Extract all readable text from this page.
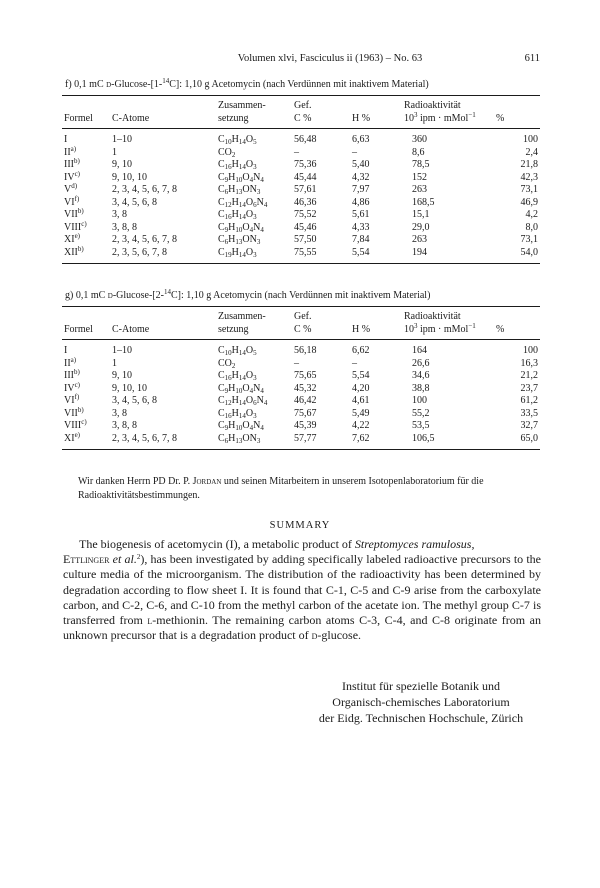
Volumen xlvi, Fasciculus ii (1963) – No. 63	611
f) 0,1 mC d-Glucose-[1-$^{14}$C]: 1,10 g Acetomycin (nach Verdünnen mit inaktivem Material)
		Zusammen-	Gef.		Radioaktivität	
Formel	C-Atome	setzung	C %	H %	$10^3$ ipm · mMol$^{-1}$	%
I	1–10	$C_{10}H_{14}O_5$	56,48	6,63	360	100
II$^{a)}$	1	$CO_2$	–	–	8,6	2,4
III$^{b)}$	9, 10	$C_{16}H_{14}O_3$	75,36	5,40	78,5	21,8
IV$^{c)}$	9, 10, 10	$C_9H_{10}O_4N_4$	45,44	4,32	152	42,3
$V^{d)}$	2, 3, 4, 5, 6, 7, 8	$C_6H_{13}ON_3$	57,61	7,97	263	73,1
VI$^{f)}$	3, 4, 5, 6, 8	$C_{12}H_{14}O_6N_4$	46,36	4,86	168,5	46,9
VII$^{b)}$	3, 8	$C_{16}H_{14}O_3$	75,52	5,61	15,1	4,2
VIII$^{c)}$	3, 8, 8	$C_9H_{10}O_4N_4$	45,46	4,33	29,0	8,0
XI$^{e)}$	2, 3, 4, 5, 6, 7, 8	$C_6H_{13}ON_3$	57,50	7,84	263	73,1
XII$^{b)}$	2, 3, 5, 6, 7, 8	$C_{19}H_{14}O_3$	75,55	5,54	194	54,0
g) 0,1 mC d-Glucose-[2-$^{14}$C]: 1,10 g Acetomycin (nach Verdünnen mit inaktivem Material)
		Zusammen-	Gef.		Radioaktivität	
Formel	C-Atome	setzung	C %	H %	$10^3$ ipm · mMol$^{-1}$	%
I	1–10	$C_{10}H_{14}O_5$	56,18	6,62	164	100
II$^{a)}$	1	$CO_2$	–	–	26,6	16,3
III$^{b)}$	9, 10	$C_{16}H_{14}O_3$	75,65	5,54	34,6	21,2
IV$^{c)}$	9, 10, 10	$C_9H_{10}O_4N_4$	45,32	4,20	38,8	23,7
VI$^{f)}$	3, 4, 5, 6, 8	$C_{12}H_{14}O_6N_4$	46,42	4,61	100	61,2
VII$^{b)}$	3, 8	$C_{16}H_{14}O_3$	75,67	5,49	55,2	33,5
VIII$^{c)}$	3, 8, 8	$C_9H_{10}O_4N_4$	45,39	4,22	53,5	32,7
XI$^{e)}$	2, 3, 4, 5, 6, 7, 8	$C_6H_{13}ON_3$	57,77	7,62	106,5	65,0
Wir danken Herrn PD Dr. P. Jordan und seinen Mitarbeitern in unserem Isotopenlaboratorium für die Radioaktivitätsbestimmungen.
SUMMARY
The biogenesis of acetomycin (I), a metabolic product of Streptomyces ramulosus,
Ettlinger et al.$^2$), has been investigated by adding specifically labeled radioactive precursors to the culture media of the microorganism. The distribution of the radioactivity has been determined by degradation according to flow sheet I. It is found that C-1, C-5 and C-9 arise from the carboxylate carbon, and C-2, C-6, and C-10 from the methyl carbon of the acetate ion. The methyl group C-7 is transferred from l-methionin. The remaining carbon atoms C-3, C-4, and C-8 originate from an unknown precursor that is a degradation product of d-glucose.
Institut für spezielle Botanik und
Organisch-chemisches Laboratorium
der Eidg. Technischen Hochschule, Zürich
